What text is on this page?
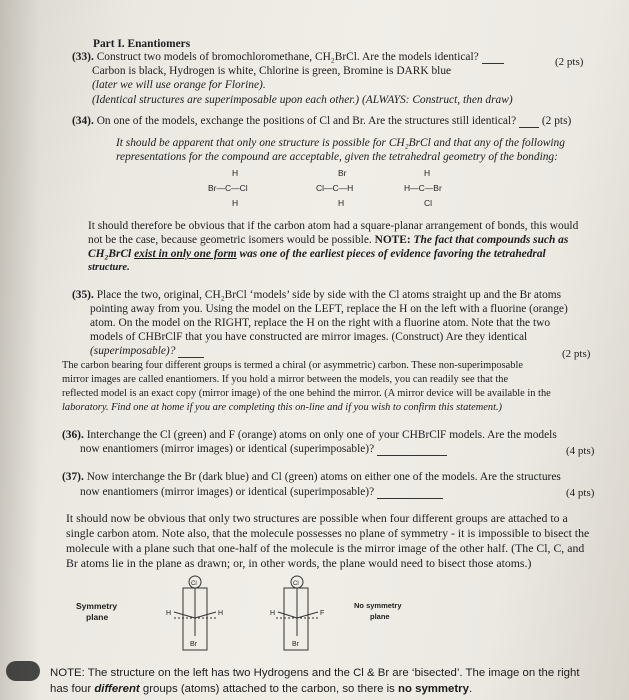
Part I. Enantiomers
(33). Construct two models of bromochloromethane, CH₂BrCl. Are the models identical?	(2 pts)
Carbon is black, Hydrogen is white, Chlorine is green, Bromine is DARK blue
(later we will use orange for Florine).
(Identical structures are superimposable upon each other.) (ALWAYS: Construct, then draw)
(34). On one of the models, exchange the positions of Cl and Br. Are the structures still identical? (2 pts)
It should be apparent that only one structure is possible for CH₂BrCl and that any of the following
representations for the compound are acceptable, given the tetrahedral geometry of the bonding:
H
Br—C—Cl
H
Br
Cl—C—H
H
H
H—C—Br
Cl
It should therefore be obvious that if the carbon atom had a square-planar arrangement of bonds, this would
not be the case, because geometric isomers would be possible. NOTE: The fact that compounds such as
CH₂BrCl exist in only one form was one of the earliest pieces of evidence favoring the tetrahedral
structure.
(35). Place the two, original, CH₂BrCl ‘models’ side by side with the Cl atoms straight up and the Br atoms
pointing away from you. Using the model on the LEFT, replace the H on the left with a fluorine (orange)
atom. On the model on the RIGHT, replace the H on the right with a fluorine atom. Note that the two
models of CHBrClF that you have constructed are mirror images. (Construct) Are they identical
(superimposable)?	(2 pts)
The carbon bearing four different groups is termed a chiral (or asymmetric) carbon. These non-superimposable
mirror images are called enantiomers. If you hold a mirror between the models, you can readily see that the
reflected model is an exact copy (mirror image) of the one behind the mirror. (A mirror device will be available in the
laboratory. Find one at home if you are completing this on-line and if you wish to confirm this statement.)
(36). Interchange the Cl (green) and F (orange) atoms on only one of your CHBrClF models. Are the models
now enantiomers (mirror images) or identical (superimposable)?	(4 pts)
(37). Now interchange the Br (dark blue) and Cl (green) atoms on either one of the models. Are the structures
now enantiomers (mirror images) or identical (superimposable)?	(4 pts)
It should now be obvious that only two structures are possible when four different groups are attached to a
single carbon atom. Note also, that the molecule possesses no plane of symmetry - it is impossible to bisect the
molecule with a plane such that one-half of the molecule is the mirror image of the other half. (The Cl, C, and
Br atoms lie in the plane as drawn; or, in other words, the plane would need to bisect those atoms.)
Symmetry
plane
No symmetry
plane
Cl
H	H
Br
Cl
H	F
Br
NOTE: The structure on the left has two Hydrogens and the Cl & Br are ‘bisected’. The image on the right
has four different groups (atoms) attached to the carbon, so there is no symmetry.
